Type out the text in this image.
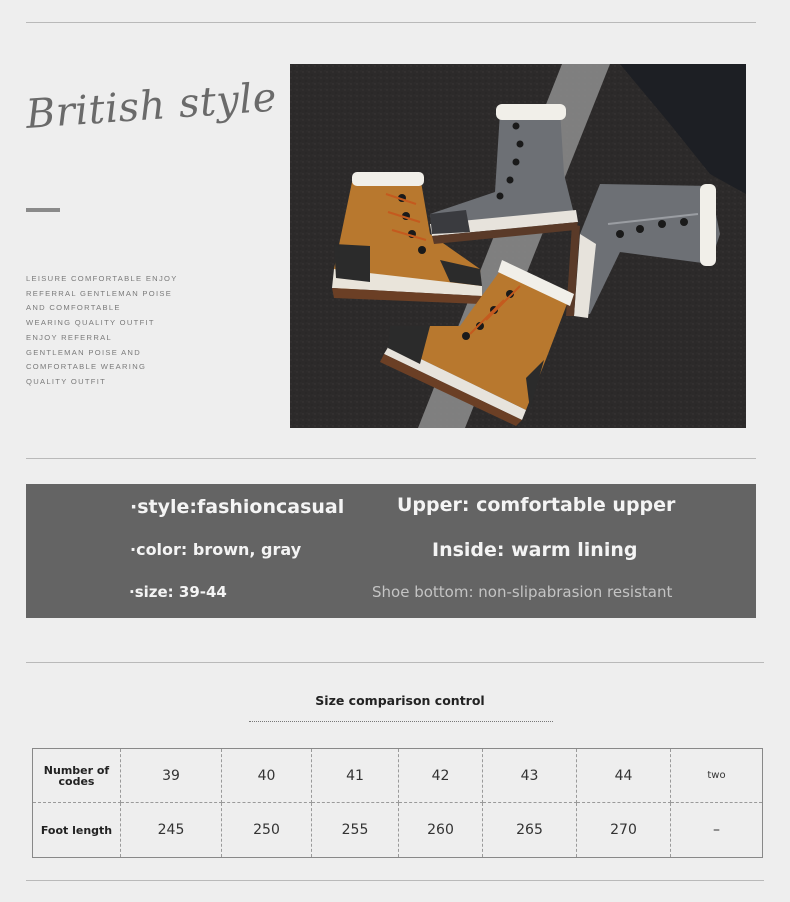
British style
LEISURE COMFORTABLE ENJOY
REFERRAL GENTLEMAN POISE
AND COMFORTABLE
WEARING QUALITY OUTFIT
ENJOY REFERRAL
GENTLEMAN POISE AND
COMFORTABLE WEARING
QUALITY OUTFIT
·style:fashioncasual	Upper: comfortable upper
·color: brown, gray	Inside: warm lining
·size: 39-44	Shoe bottom: non-slipabrasion resistant
Size comparison control
Number of codes	39	40	41	42	43	44	two
Foot length	245	250	255	260	265	270	–
